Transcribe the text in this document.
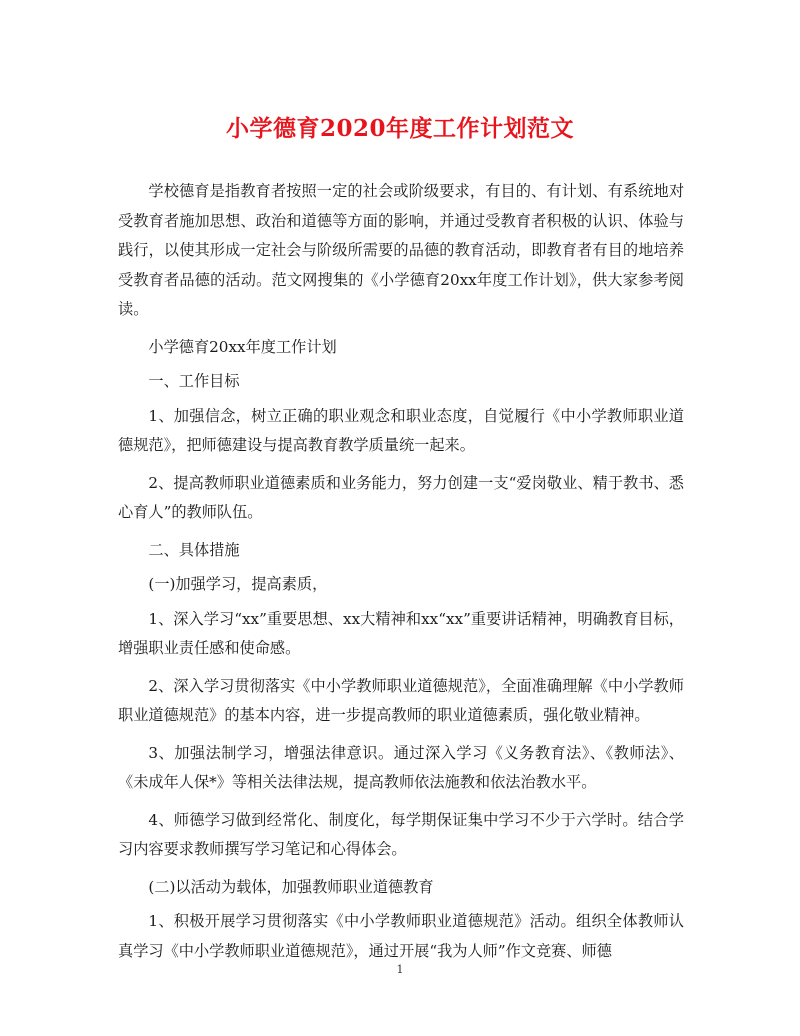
小学德育2020年度工作计划范文

学校德育是指教育者按照一定的社会或阶级要求，有目的、有计划、有系统地对受教育者施加思想、政治和道德等方面的影响，并通过受教育者积极的认识、体验与践行，以使其形成一定社会与阶级所需要的品德的教育活动，即教育者有目的地培养受教育者品德的活动。范文网搜集的《小学德育20xx年度工作计划》，供大家参考阅读。

小学德育20xx年度工作计划

一、工作目标

1、加强信念，树立正确的职业观念和职业态度，自觉履行《中小学教师职业道德规范》，把师德建设与提高教育教学质量统一起来。

2、提高教师职业道德素质和业务能力，努力创建一支“爱岗敬业、精于教书、悉心育人”的教师队伍。

二、具体措施

(一)加强学习，提高素质，

1、深入学习“xx”重要思想、xx大精神和xx“xx”重要讲话精神，明确教育目标，增强职业责任感和使命感。

2、深入学习贯彻落实《中小学教师职业道德规范》，全面准确理解《中小学教师职业道德规范》的基本内容，进一步提高教师的职业道德素质，强化敬业精神。

3、加强法制学习，增强法律意识。通过深入学习《义务教育法》、《教师法》、《未成年人保*》等相关法律法规，提高教师依法施教和依法治教水平。

4、师德学习做到经常化、制度化，每学期保证集中学习不少于六学时。结合学习内容要求教师撰写学习笔记和心得体会。

(二)以活动为载体，加强教师职业道德教育

1、积极开展学习贯彻落实《中小学教师职业道德规范》活动。组织全体教师认真学习《中小学教师职业道德规范》，通过开展“我为人师”作文竞赛、师德

1
